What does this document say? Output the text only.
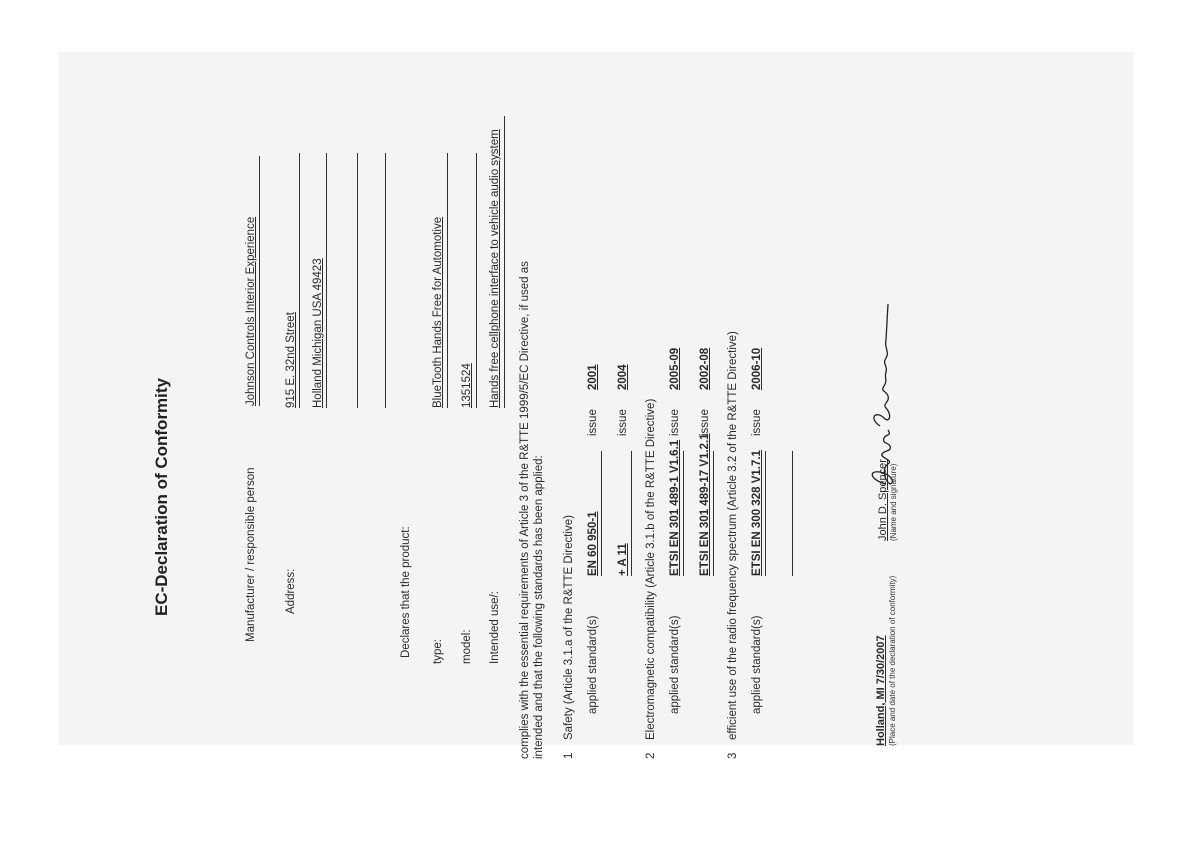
EC-Declaration of Conformity	Manufacturer / responsible person
Johnson Controls Interior Experience
Address:
915 E. 32nd Street Holland Michigan USA 49423
Declares that the product: type:
BlueTooth Hands Free for Automotive
model:
1351524
Intended use/:
Hands free cellphone interface to vehicle audio system complies with the essential requirements of Article 3 of the R&TTE 1999/5/EC Directive, if used as intended and that the following standards has been applied: 1
Safety (Article 3.1.a of the R&TTE Directive) applied standard(s)
EN 60 950-1
issue
2001
+ A 11
issue
2004
2
Electromagnetic compatibility (Article 3.1.b of the R&TTE Directive) applied standard(s)
ETSI EN 301 489-1 V1.6.1
issue
2005-09
ETSI EN 301 489-17 V1.2.1
issue
2002-08
3
efficient use of the radio frequency spectrum (Article 3.2 of the R&TTE Directive) applied standard(s)
ETSI EN 300 328 V1.7.1
issue
2006-10
Holland, MI 7/30/2007 (Place and date of the declaration of conformity)
John D. Spencer (Name and signature)
